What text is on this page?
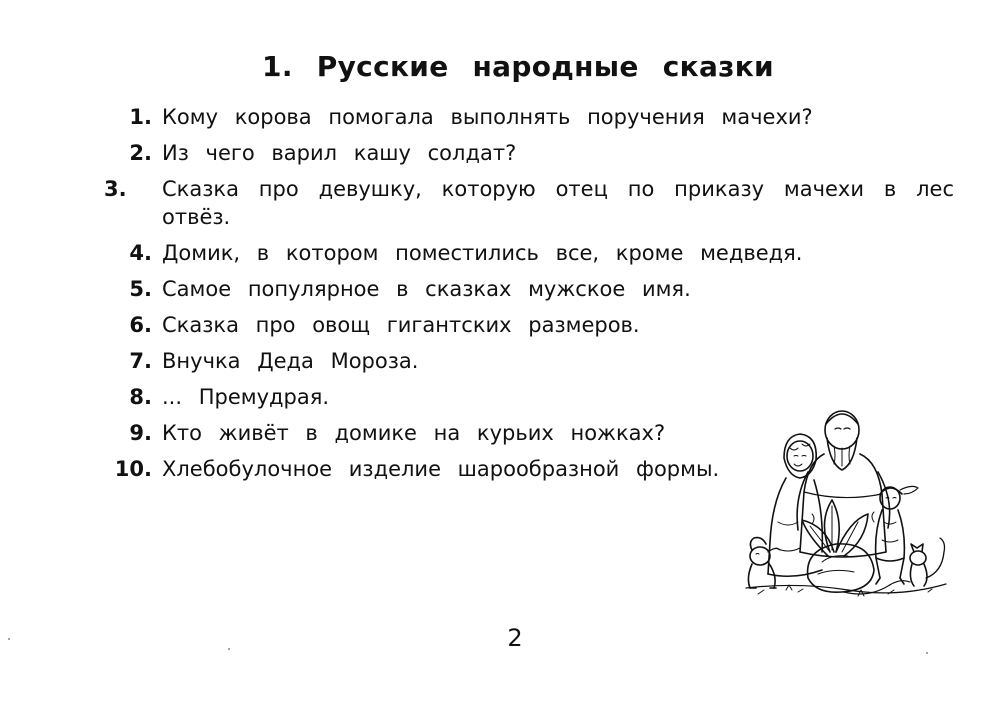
1. Русские народные сказки
1. Кому корова помогала выполнять поручения мачехи?
2. Из чего варил кашу солдат?
3.	Сказка про девушку, которую отец по приказу мачехи в лес отвёз.
4. Домик, в котором поместились все, кроме медведя.
5. Самое популярное в сказках мужское имя.
6. Сказка про овощ гигантских размеров.
7. Внучка Деда Мороза.
8. ... Премудрая.
9. Кто живёт в домике на курьих ножках?
10. Хлебобулочное изделие шарообразной формы.
2
